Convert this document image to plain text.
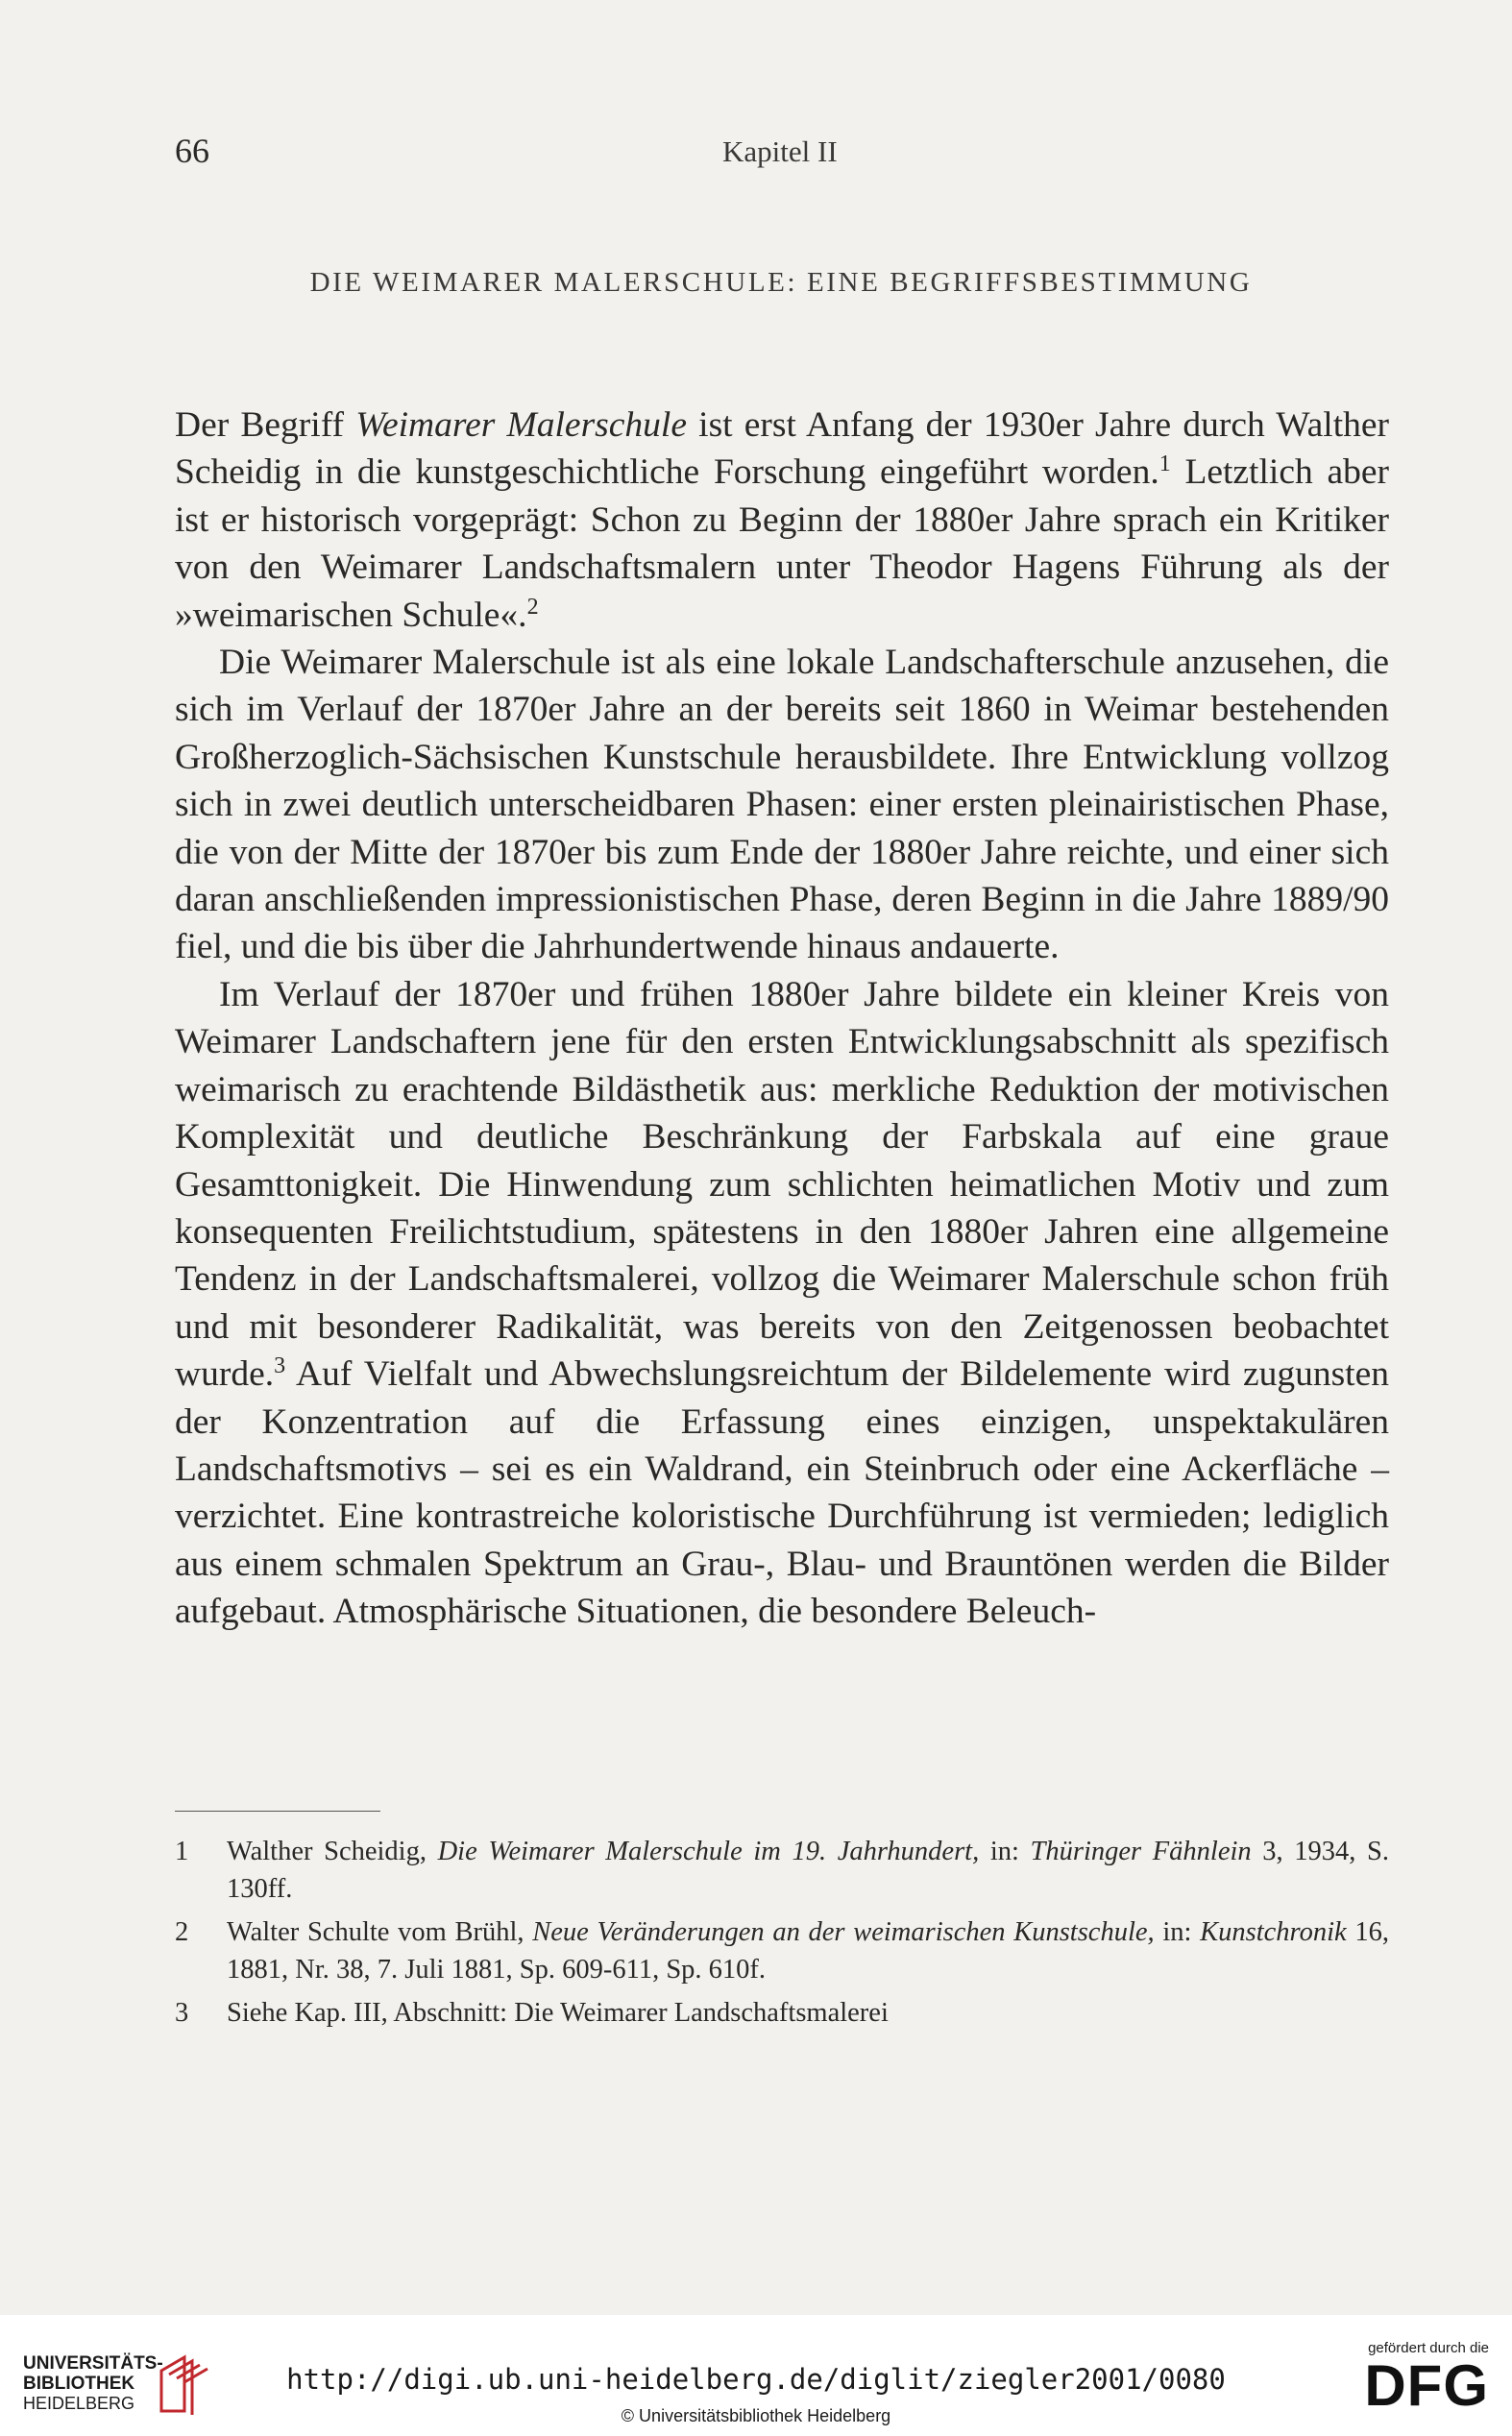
66	Kapitel II
DIE WEIMARER MALERSCHULE: EINE BEGRIFFSBESTIMMUNG

Der Begriff Weimarer Malerschule ist erst Anfang der 1930er Jahre durch Walther Scheidig in die kunstgeschichtliche Forschung eingeführt worden.$^1$ Letztlich aber ist er historisch vorgeprägt: Schon zu Beginn der 1880er Jahre sprach ein Kritiker von den Weimarer Landschaftsmalern unter Theodor Hagens Führung als der »weimarischen Schule«.$^2$

Die Weimarer Malerschule ist als eine lokale Landschafterschule anzusehen, die sich im Verlauf der 1870er Jahre an der bereits seit 1860 in Weimar bestehenden Großherzoglich-Sächsischen Kunstschule herausbildete. Ihre Entwicklung vollzog sich in zwei deutlich unterscheidbaren Phasen: einer ersten pleinairistischen Phase, die von der Mitte der 1870er bis zum Ende der 1880er Jahre reichte, und einer sich daran anschließenden impressionistischen Phase, deren Beginn in die Jahre 1889/90 fiel, und die bis über die Jahrhundertwende hinaus andauerte.

Im Verlauf der 1870er und frühen 1880er Jahre bildete ein kleiner Kreis von Weimarer Landschaftern jene für den ersten Entwicklungsabschnitt als spezifisch weimarisch zu erachtende Bildästhetik aus: merkliche Reduktion der motivischen Komplexität und deutliche Beschränkung der Farbskala auf eine graue Gesamttonigkeit. Die Hinwendung zum schlichten heimatlichen Motiv und zum konsequenten Freilichtstudium, spätestens in den 1880er Jahren eine allgemeine Tendenz in der Landschaftsmalerei, vollzog die Weimarer Malerschule schon früh und mit besonderer Radikalität, was bereits von den Zeitgenossen beobachtet wurde.$^3$ Auf Vielfalt und Abwechslungsreichtum der Bildelemente wird zugunsten der Konzentration auf die Erfassung eines einzigen, unspektakulären Landschaftsmotivs – sei es ein Waldrand, ein Steinbruch oder eine Ackerfläche – verzichtet. Eine kontrastreiche koloristische Durchführung ist vermieden; lediglich aus einem schmalen Spektrum an Grau-, Blau- und Brauntönen werden die Bilder aufgebaut. Atmosphärische Situationen, die besondere Beleuch-

1 Walther Scheidig, Die Weimarer Malerschule im 19. Jahrhundert, in: Thüringer Fähnlein 3, 1934, S. 130ff.
2 Walter Schulte vom Brühl, Neue Veränderungen an der weimarischen Kunstschule, in: Kunstchronik 16, 1881, Nr. 38, 7. Juli 1881, Sp. 609-611, Sp. 610f.
3 Siehe Kap. III, Abschnitt: Die Weimarer Landschaftsmalerei
UNIVERSITÄTS-
BIBLIOTHEK
HEIDELBERG
http://digi.ub.uni-heidelberg.de/diglit/ziegler2001/0080
© Universitätsbibliothek Heidelberg
gefördert durch die
DFG
